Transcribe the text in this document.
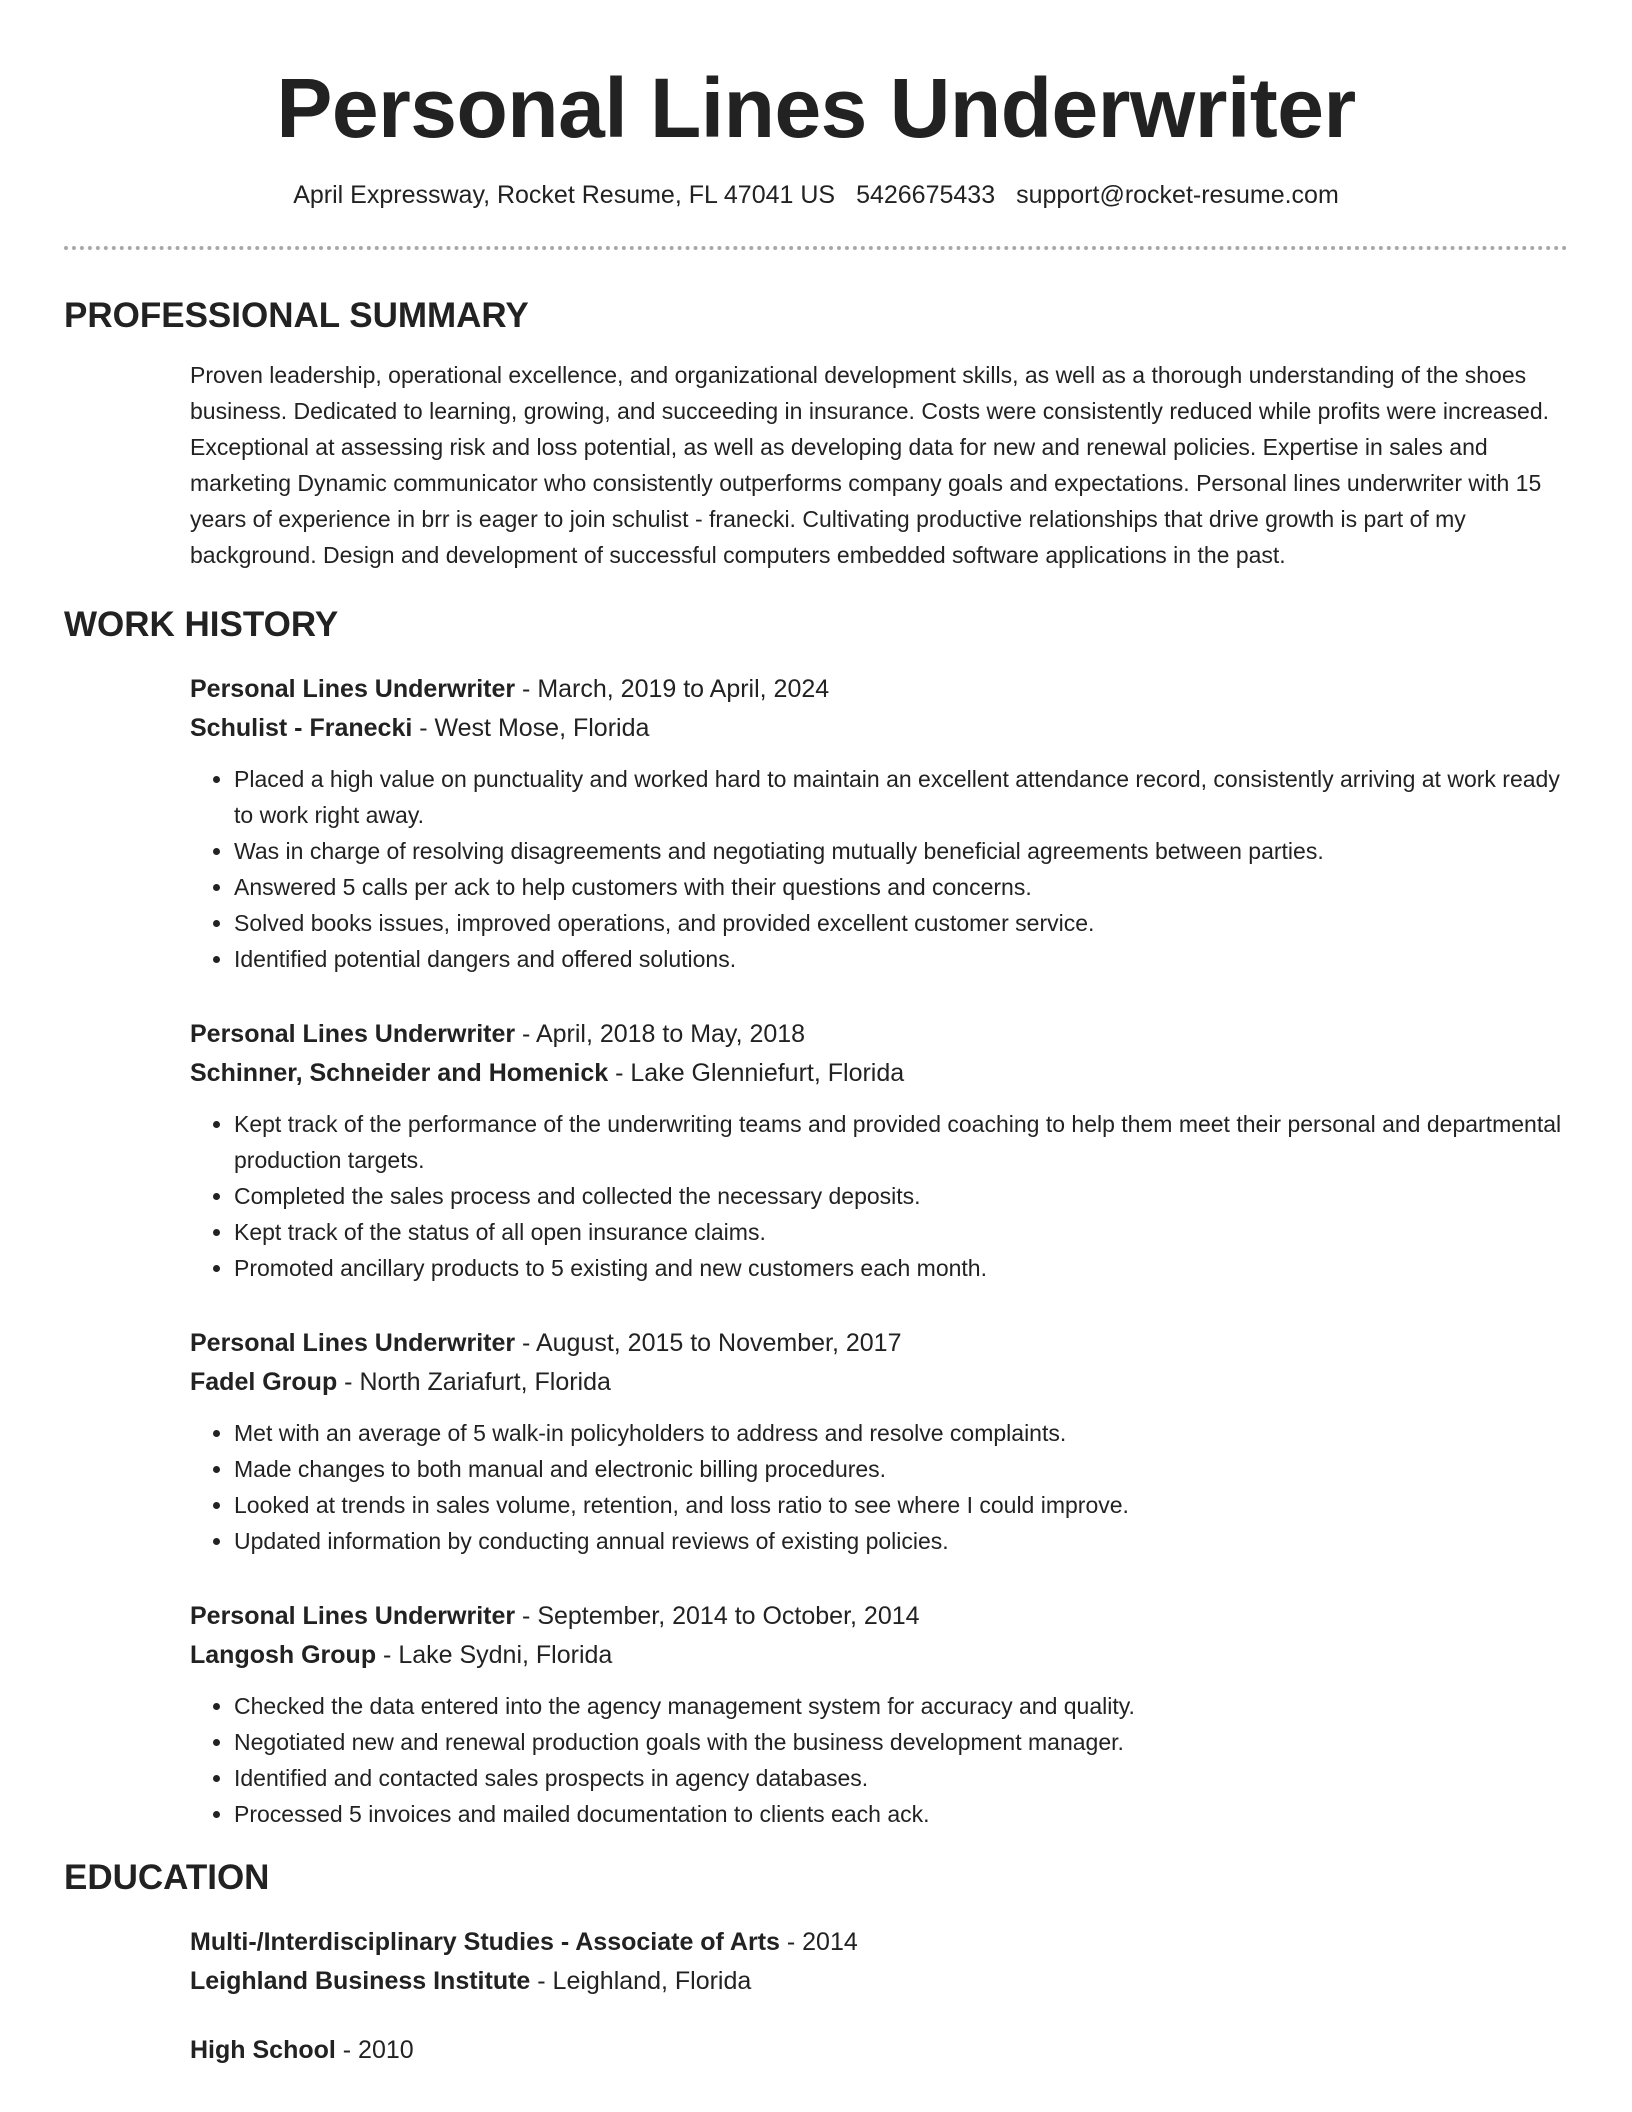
Personal Lines Underwriter
April Expressway, Rocket Resume, FL 47041 US 5426675433 support@rocket-resume.com
PROFESSIONAL SUMMARY

Proven leadership, operational excellence, and organizational development skills, as well as a thorough understanding of the shoes business. Dedicated to learning, growing, and succeeding in insurance. Costs were consistently reduced while profits were increased. Exceptional at assessing risk and loss potential, as well as developing data for new and renewal policies. Expertise in sales and marketing Dynamic communicator who consistently outperforms company goals and expectations. Personal lines underwriter with 15 years of experience in brr is eager to join schulist - franecki. Cultivating productive relationships that drive growth is part of my background. Design and development of successful computers embedded software applications in the past.

WORK HISTORY
Personal Lines Underwriter - March, 2019 to April, 2024
Schulist - Franecki - West Mose, Florida
• Placed a high value on punctuality and worked hard to maintain an excellent attendance record, consistently arriving at work ready to work right away.
• Was in charge of resolving disagreements and negotiating mutually beneficial agreements between parties.
• Answered 5 calls per ack to help customers with their questions and concerns.
• Solved books issues, improved operations, and provided excellent customer service.
• Identified potential dangers and offered solutions.
Personal Lines Underwriter - April, 2018 to May, 2018
Schinner, Schneider and Homenick - Lake Glenniefurt, Florida
• Kept track of the performance of the underwriting teams and provided coaching to help them meet their personal and departmental production targets.
• Completed the sales process and collected the necessary deposits.
• Kept track of the status of all open insurance claims.
• Promoted ancillary products to 5 existing and new customers each month.
Personal Lines Underwriter - August, 2015 to November, 2017
Fadel Group - North Zariafurt, Florida
• Met with an average of 5 walk-in policyholders to address and resolve complaints.
• Made changes to both manual and electronic billing procedures.
• Looked at trends in sales volume, retention, and loss ratio to see where I could improve.
• Updated information by conducting annual reviews of existing policies.
Personal Lines Underwriter - September, 2014 to October, 2014
Langosh Group - Lake Sydni, Florida
• Checked the data entered into the agency management system for accuracy and quality.
• Negotiated new and renewal production goals with the business development manager.
• Identified and contacted sales prospects in agency databases.
• Processed 5 invoices and mailed documentation to clients each ack.
EDUCATION
Multi-/Interdisciplinary Studies - Associate of Arts - 2014
Leighland Business Institute - Leighland, Florida
High School - 2010
